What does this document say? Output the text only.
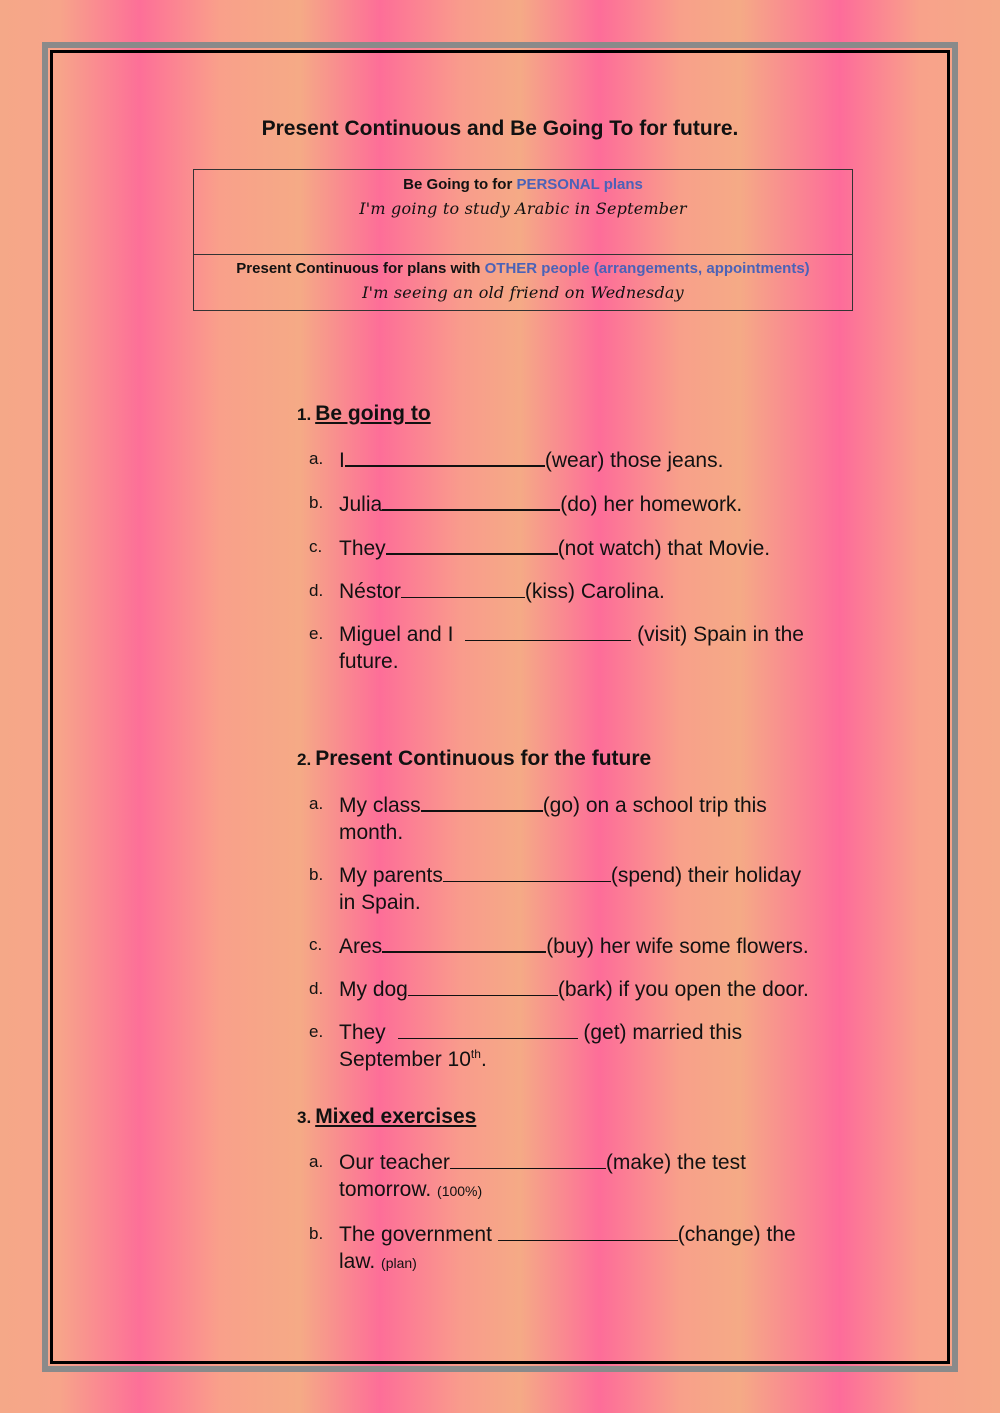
Present Continuous and Be Going To for future.
Be Going to for PERSONAL plans
I'm going to study Arabic in September
Present Continuous for plans with OTHER people (arrangements, appointments)
I'm seeing an old friend on Wednesday
1. Be going to
a. I	(wear) those jeans.
b. Julia	(do) her homework.
c. They	(not watch) that Movie.
d. Néstor	(kiss) Carolina.
e. Miguel and I	(visit) Spain in the
future.
2. Present Continuous for the future
a. My class	(go) on a school trip this
month.
b. My parents	(spend) their holiday
in Spain.
c. Ares	(buy) her wife some flowers.
d. My dog	(bark) if you open the door.
e. They	(get) married this
September 10th.
3. Mixed exercises
a. Our teacher	(make) the test
tomorrow. (100%)
b. The government	(change) the
law. (plan)
